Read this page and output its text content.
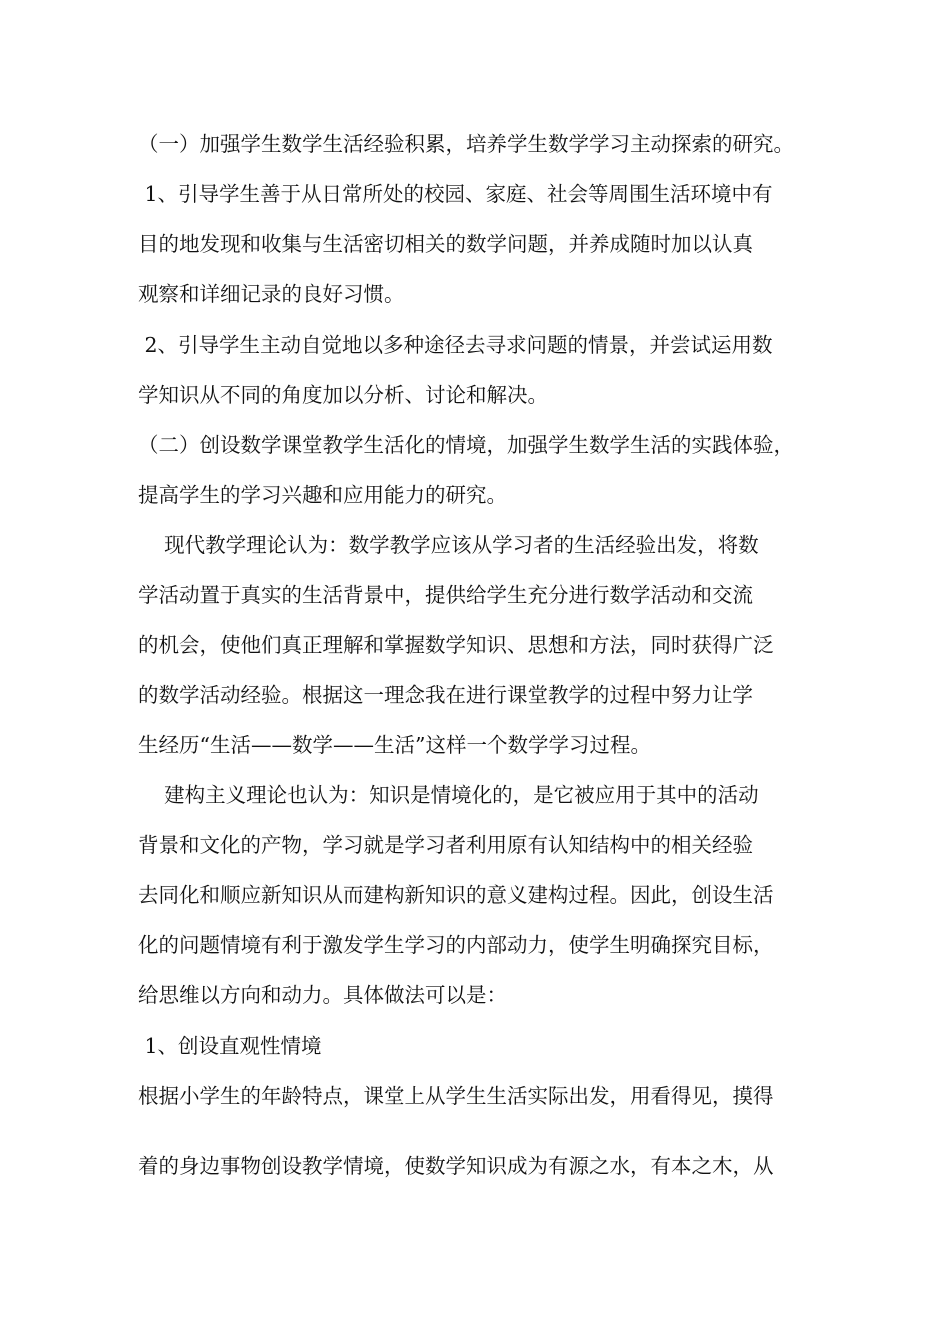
（一）加强学生数学生活经验积累，培养学生数学学习主动探索的研究。

1、引导学生善于从日常所处的校园、家庭、社会等周围生活环境中有

目的地发现和收集与生活密切相关的数学问题，并养成随时加以认真

观察和详细记录的良好习惯。

2、引导学生主动自觉地以多种途径去寻求问题的情景，并尝试运用数

学知识从不同的角度加以分析、讨论和解决。

（二）创设数学课堂教学生活化的情境，加强学生数学生活的实践体验，

提高学生的学习兴趣和应用能力的研究。

现代教学理论认为：数学教学应该从学习者的生活经验出发，将数

学活动置于真实的生活背景中，提供给学生充分进行数学活动和交流

的机会，使他们真正理解和掌握数学知识、思想和方法，同时获得广泛

的数学活动经验。根据这一理念我在进行课堂教学的过程中努力让学

生经历“生活——数学——生活”这样一个数学学习过程。

建构主义理论也认为：知识是情境化的，是它被应用于其中的活动

背景和文化的产物，学习就是学习者利用原有认知结构中的相关经验

去同化和顺应新知识从而建构新知识的意义建构过程。因此，创设生活

化的问题情境有利于激发学生学习的内部动力，使学生明确探究目标，

给思维以方向和动力。具体做法可以是：

1、创设直观性情境

根据小学生的年龄特点，课堂上从学生生活实际出发，用看得见，摸得

着的身边事物创设教学情境，使数学知识成为有源之水，有本之木，从
